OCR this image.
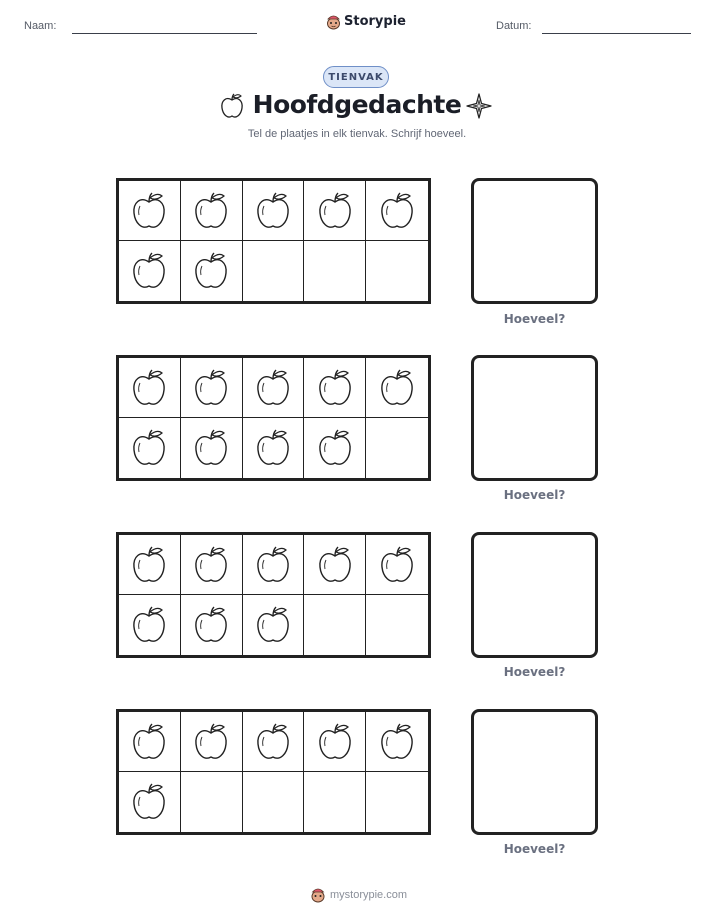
Naam:	Storypie	Datum:
TIENVAK
Hoofdgedachte
Tel de plaatjes in elk tienvak. Schrijf hoeveel.
Hoeveel?
Hoeveel?
Hoeveel?
Hoeveel?
mystorypie.com
